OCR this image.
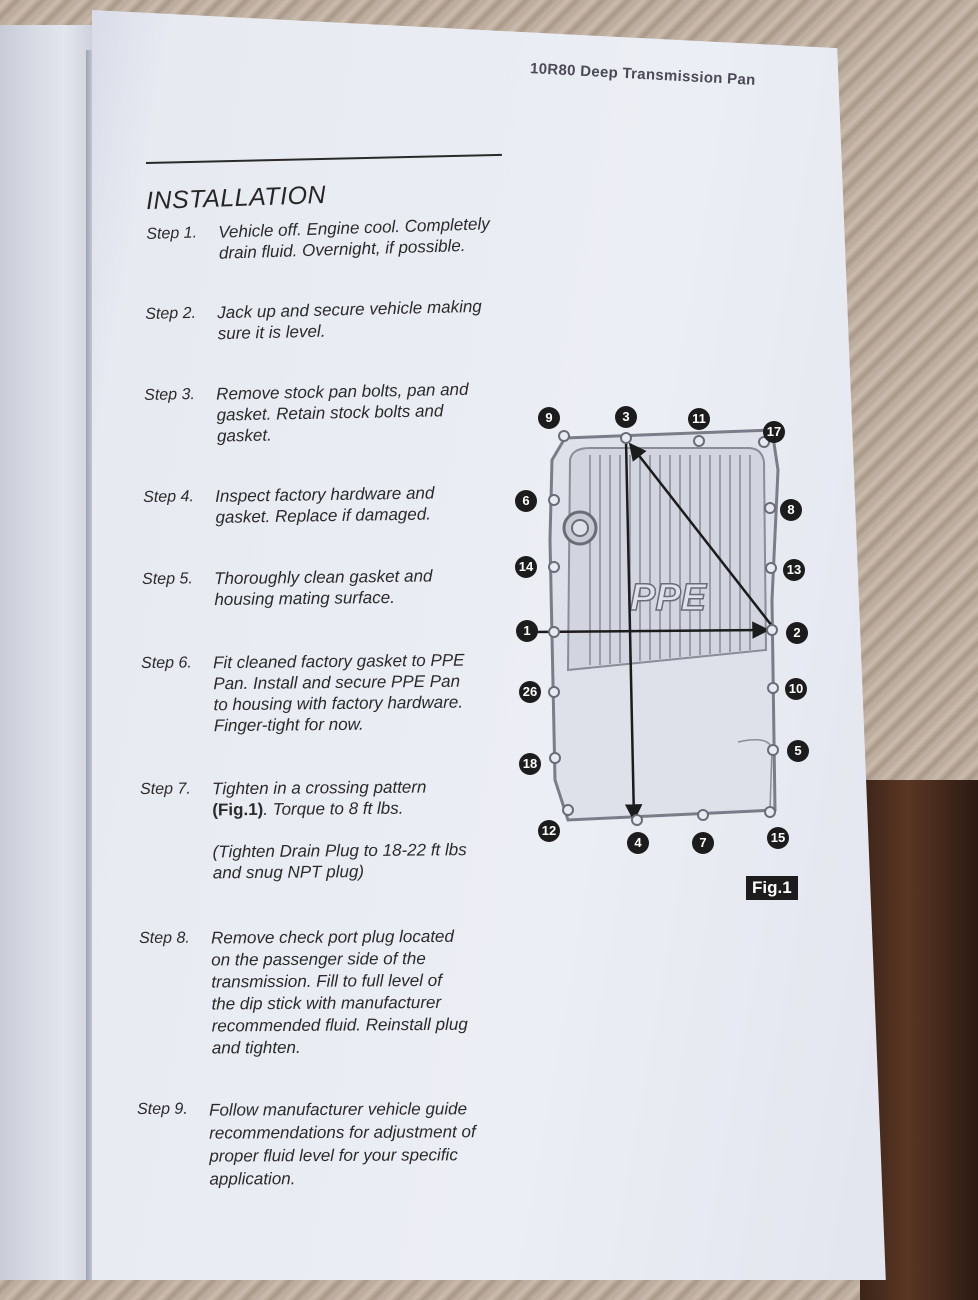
10R80 Deep Transmission Pan
INSTALLATION
Step 1.	Vehicle off. Engine cool. Completely
drain fluid. Overnight, if possible.
Step 2.	Jack up and secure vehicle making
sure it is level.
Step 3.	Remove stock pan bolts, pan and
gasket. Retain stock bolts and
gasket.
Step 4.	Inspect factory hardware and
gasket. Replace if damaged.
Step 5.	Thoroughly clean gasket and
housing mating surface.
Step 6.	Fit cleaned factory gasket to PPE
Pan. Install and secure PPE Pan
to housing with factory hardware.
Finger-tight for now.
Step 7.	Tighten in a crossing pattern
(Fig.1). Torque to 8 ft lbs.
(Tighten Drain Plug to 18-22 ft lbs
and snug NPT plug)
Step 8.	Remove check port plug located
on the passenger side of the
transmission. Fill to full level of
the dip stick with manufacturer
recommended fluid. Reinstall plug
and tighten.
Step 9.	Follow manufacturer vehicle guide
recommendations for adjustment of
proper fluid level for your specific
application.
PPE
9	3	11
17
6
8
14	13
1	2
26	10
5
18
12
4	7	15
Fig.1
